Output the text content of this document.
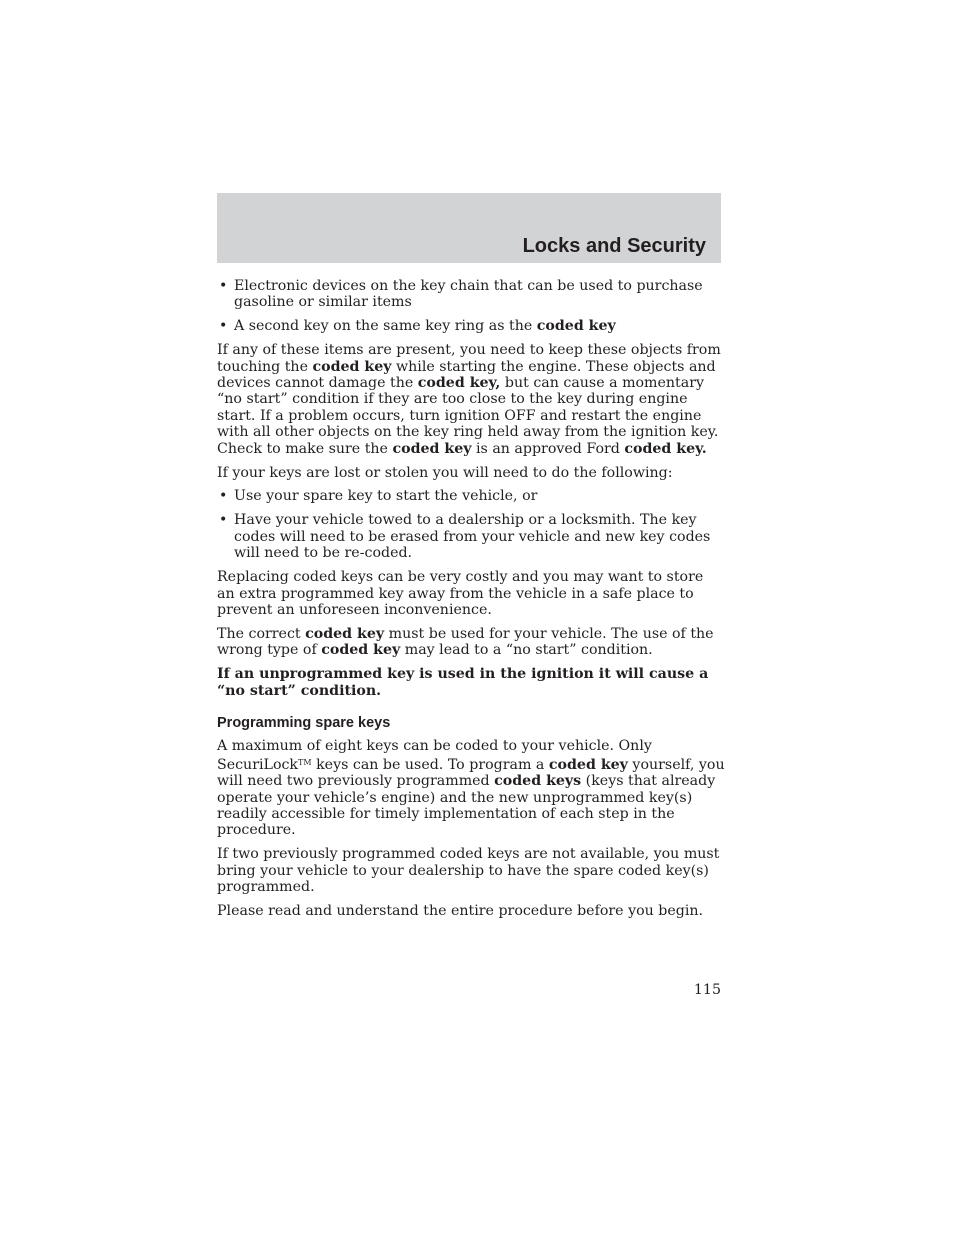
Locks and Security
• Electronic devices on the key chain that can be used to purchase gasoline or similar items
• A second key on the same key ring as the coded key

If any of these items are present, you need to keep these objects from touching the coded key while starting the engine. These objects and devices cannot damage the coded key, but can cause a momentary “no start” condition if they are too close to the key during engine start. If a problem occurs, turn ignition OFF and restart the engine with all other objects on the key ring held away from the ignition key. Check to make sure the coded key is an approved Ford coded key.

If your keys are lost or stolen you will need to do the following:

• Use your spare key to start the vehicle, or
• Have your vehicle towed to a dealership or a locksmith. The key codes will need to be erased from your vehicle and new key codes will need to be re-coded.

Replacing coded keys can be very costly and you may want to store an extra programmed key away from the vehicle in a safe place to prevent an unforeseen inconvenience.

The correct coded key must be used for your vehicle. The use of the wrong type of coded key may lead to a “no start” condition.

If an unprogrammed key is used in the ignition it will cause a “no start” condition.

Programming spare keys

A maximum of eight keys can be coded to your vehicle. Only SecuriLock™ keys can be used. To program a coded key yourself, you will need two previously programmed coded keys (keys that already operate your vehicle’s engine) and the new unprogrammed key(s) readily accessible for timely implementation of each step in the procedure.

If two previously programmed coded keys are not available, you must bring your vehicle to your dealership to have the spare coded key(s) programmed.

Please read and understand the entire procedure before you begin.

115
